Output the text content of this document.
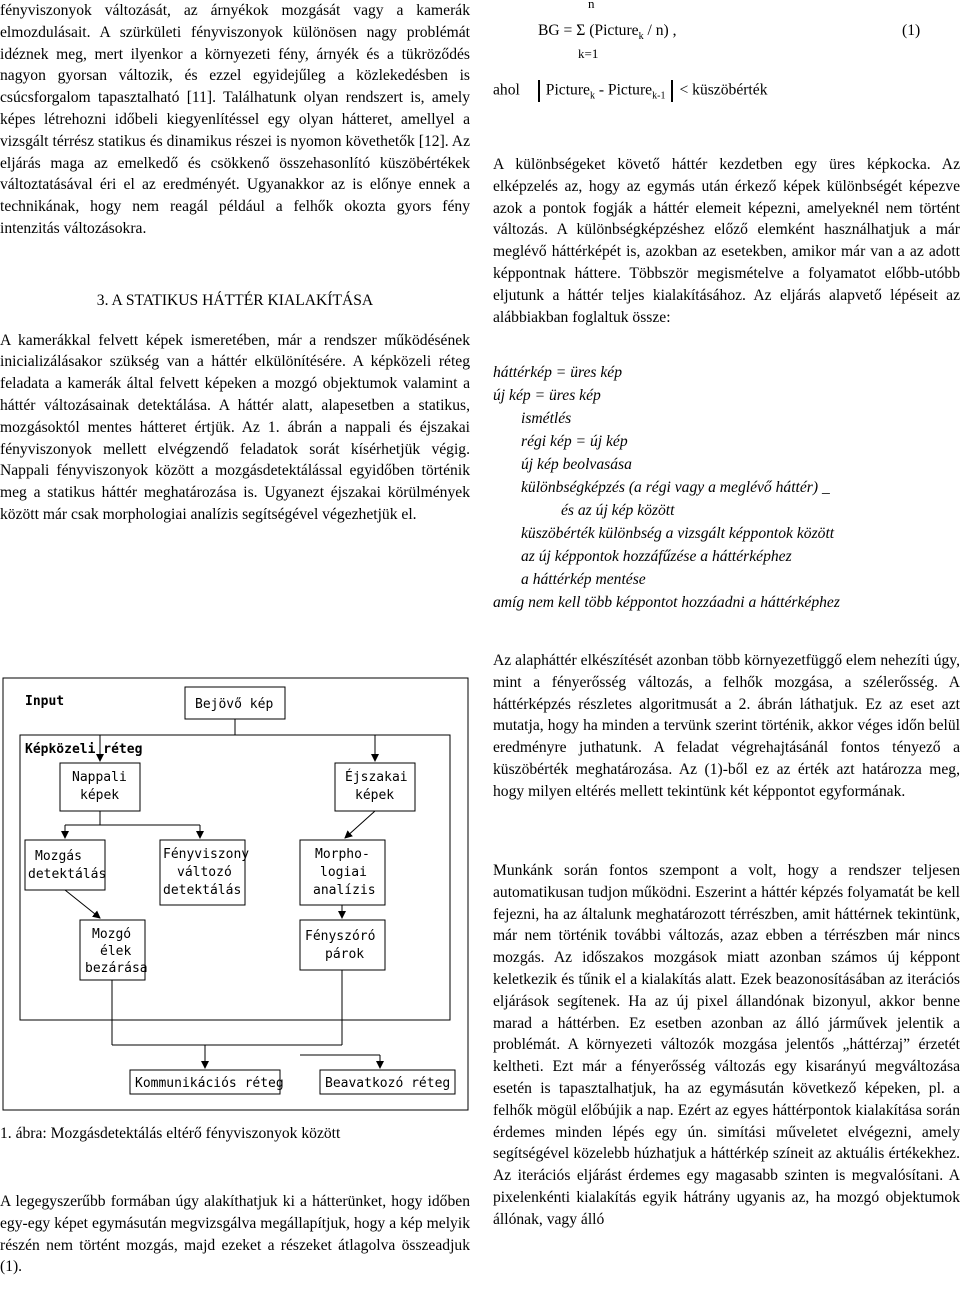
fényviszonyok változását, az árnyékok mozgását vagy a kamerák elmozdulásait. A szürkületi fényviszonyok különösen nagy problémát idéznek meg, mert ilyenkor a környezeti fény, árnyék és a tükröződés nagyon gyorsan változik, és ezzel egyidejűleg a közlekedésben is csúcsforgalom tapasztalható [11]. Találhatunk olyan rendszert is, amely képes létrehozni időbeli kiegyenlítéssel egy olyan hátteret, amellyel a vizsgált térrész statikus és dinamikus részei is nyomon követhetők [12]. Az eljárás maga az emelkedő és csökkenő összehasonlító küszöbértékek változtatásával éri el az eredményét. Ugyanakkor az is előnye ennek a technikának, hogy nem reagál például a felhők okozta gyors fény intenzitás változásokra.

3. A STATIKUS HÁTTÉR KIALAKÍTÁSA

A kamerákkal felvett képek ismeretében, már a rendszer működésének inicializálásakor szükség van a háttér elkülönítésére. A képközeli réteg feladata a kamerák által felvett képeken a mozgó objektumok valamint a háttér változásainak detektálása. A háttér alatt, alapesetben a statikus, mozgásoktól mentes hátteret értjük. Az 1. ábrán a nappali és éjszakai fényviszonyok mellett elvégzendő feladatok sorát kísérhetjük végig. Nappali fényviszonyok között a mozgásdetektálással egyidőben történik meg a statikus háttér meghatározása is. Ugyanezt éjszakai körülmények között már csak morphologiai analízis segítségével végezhetjük el.

Input
Képközeli réteg
Bejövő kép
Nappali
képek
Éjszakai
képek
Mozgás
detektálás
Fényviszony
változó
detektálás
Morpho-
logiai
analízis
Mozgó
élek
bezárása
Fényszóró
párok
Kommunikációs réteg	Beavatkozó réteg
1. ábra: Mozgásdetektálás eltérő fényviszonyok között
A legegyszerűbb formában úgy alakíthatjuk ki a hátterünket, hogy időben egy-egy képet egymásután megvizsgálva megállapítjuk, hogy a kép melyik részén nem történt mozgás, majd ezeket a részeket átlagolva összeadjuk (1).
n
BG = Σ (Picture$_k$ / n) ,	(1)
k=1
ahol Picture$_k$ - Picture$_{k-1}$ < küszöbérték
A különbségeket követő háttér kezdetben egy üres képkocka. Az elképzelés az, hogy az egymás után érkező képek különbségét képezve azok a pontok fogják a háttér elemeit képezni, amelyeknél nem történt változás. A különbségképzéshez előző elemként használhatjuk a már meglévő háttérképét is, azokban az esetekben, amikor már van a az adott képpontnak háttere. Többször megismételve a folyamatot előbb-utóbb eljutunk a háttér teljes kialakításához. Az eljárás alapvető lépéseit az alábbiakban foglaltuk össze:
háttérkép = üres kép
új kép = üres kép
ismétlés
régi kép = új kép
új kép beolvasása
különbségképzés (a régi vagy a meglévő háttér) _
és az új kép között
küszöbérték különbség a vizsgált képpontok között
az új képpontok hozzáfűzése a háttérképhez
a háttérkép mentése
amíg nem kell több képpontot hozzáadni a háttérképhez
Az alapháttér elkészítését azonban több környezetfüggő elem nehezíti úgy, mint a fényerősség változás, a felhők mozgása, a szélerősség. A háttérképzés részletes algoritmusát a 2. ábrán láthatjuk. Ez az eset azt mutatja, hogy ha minden a tervünk szerint történik, akkor véges időn belül eredményre juthatunk. A feladat végrehajtásánál fontos tényező a küszöbérték meghatározása. Az (1)-ből ez az érték azt határozza meg, hogy milyen eltérés mellett tekintünk két képpontot egyformának.
Munkánk során fontos szempont a volt, hogy a rendszer teljesen automatikusan tudjon működni. Eszerint a háttér képzés folyamatát be kell fejezni, ha az általunk meghatározott térrészben, amit háttérnek tekintünk, már nem történik további változás, azaz ebben a térrészben már nincs mozgás. Az időszakos mozgások miatt azonban számos új képpont keletkezik és tűnik el a kialakítás alatt. Ezek beazonosításában az iterációs eljárások segítenek. Ha az új pixel állandónak bizonyul, akkor benne marad a háttérben. Ez esetben azonban az álló járművek jelentik a problémát. A környezeti változók mozgása jelentős „háttérzaj” érzetét keltheti. Ezt már a fényerősség változás egy kisarányú megváltozása esetén is tapasztalhatjuk, ha az egymásután következő képeken, pl. a felhők mögül előbújik a nap. Ezért az egyes háttérpontok kialakítása során érdemes minden lépés egy ún. simítási műveletet elvégezni, amely segítségével közelebb húzhatjuk a háttérkép színeit az aktuális értékekhez. Az iterációs eljárást érdemes egy magasabb szinten is megvalósítani. A pixelenkénti kialakítás egyik hátrány ugyanis az, ha mozgó objektumok állónak, vagy álló
